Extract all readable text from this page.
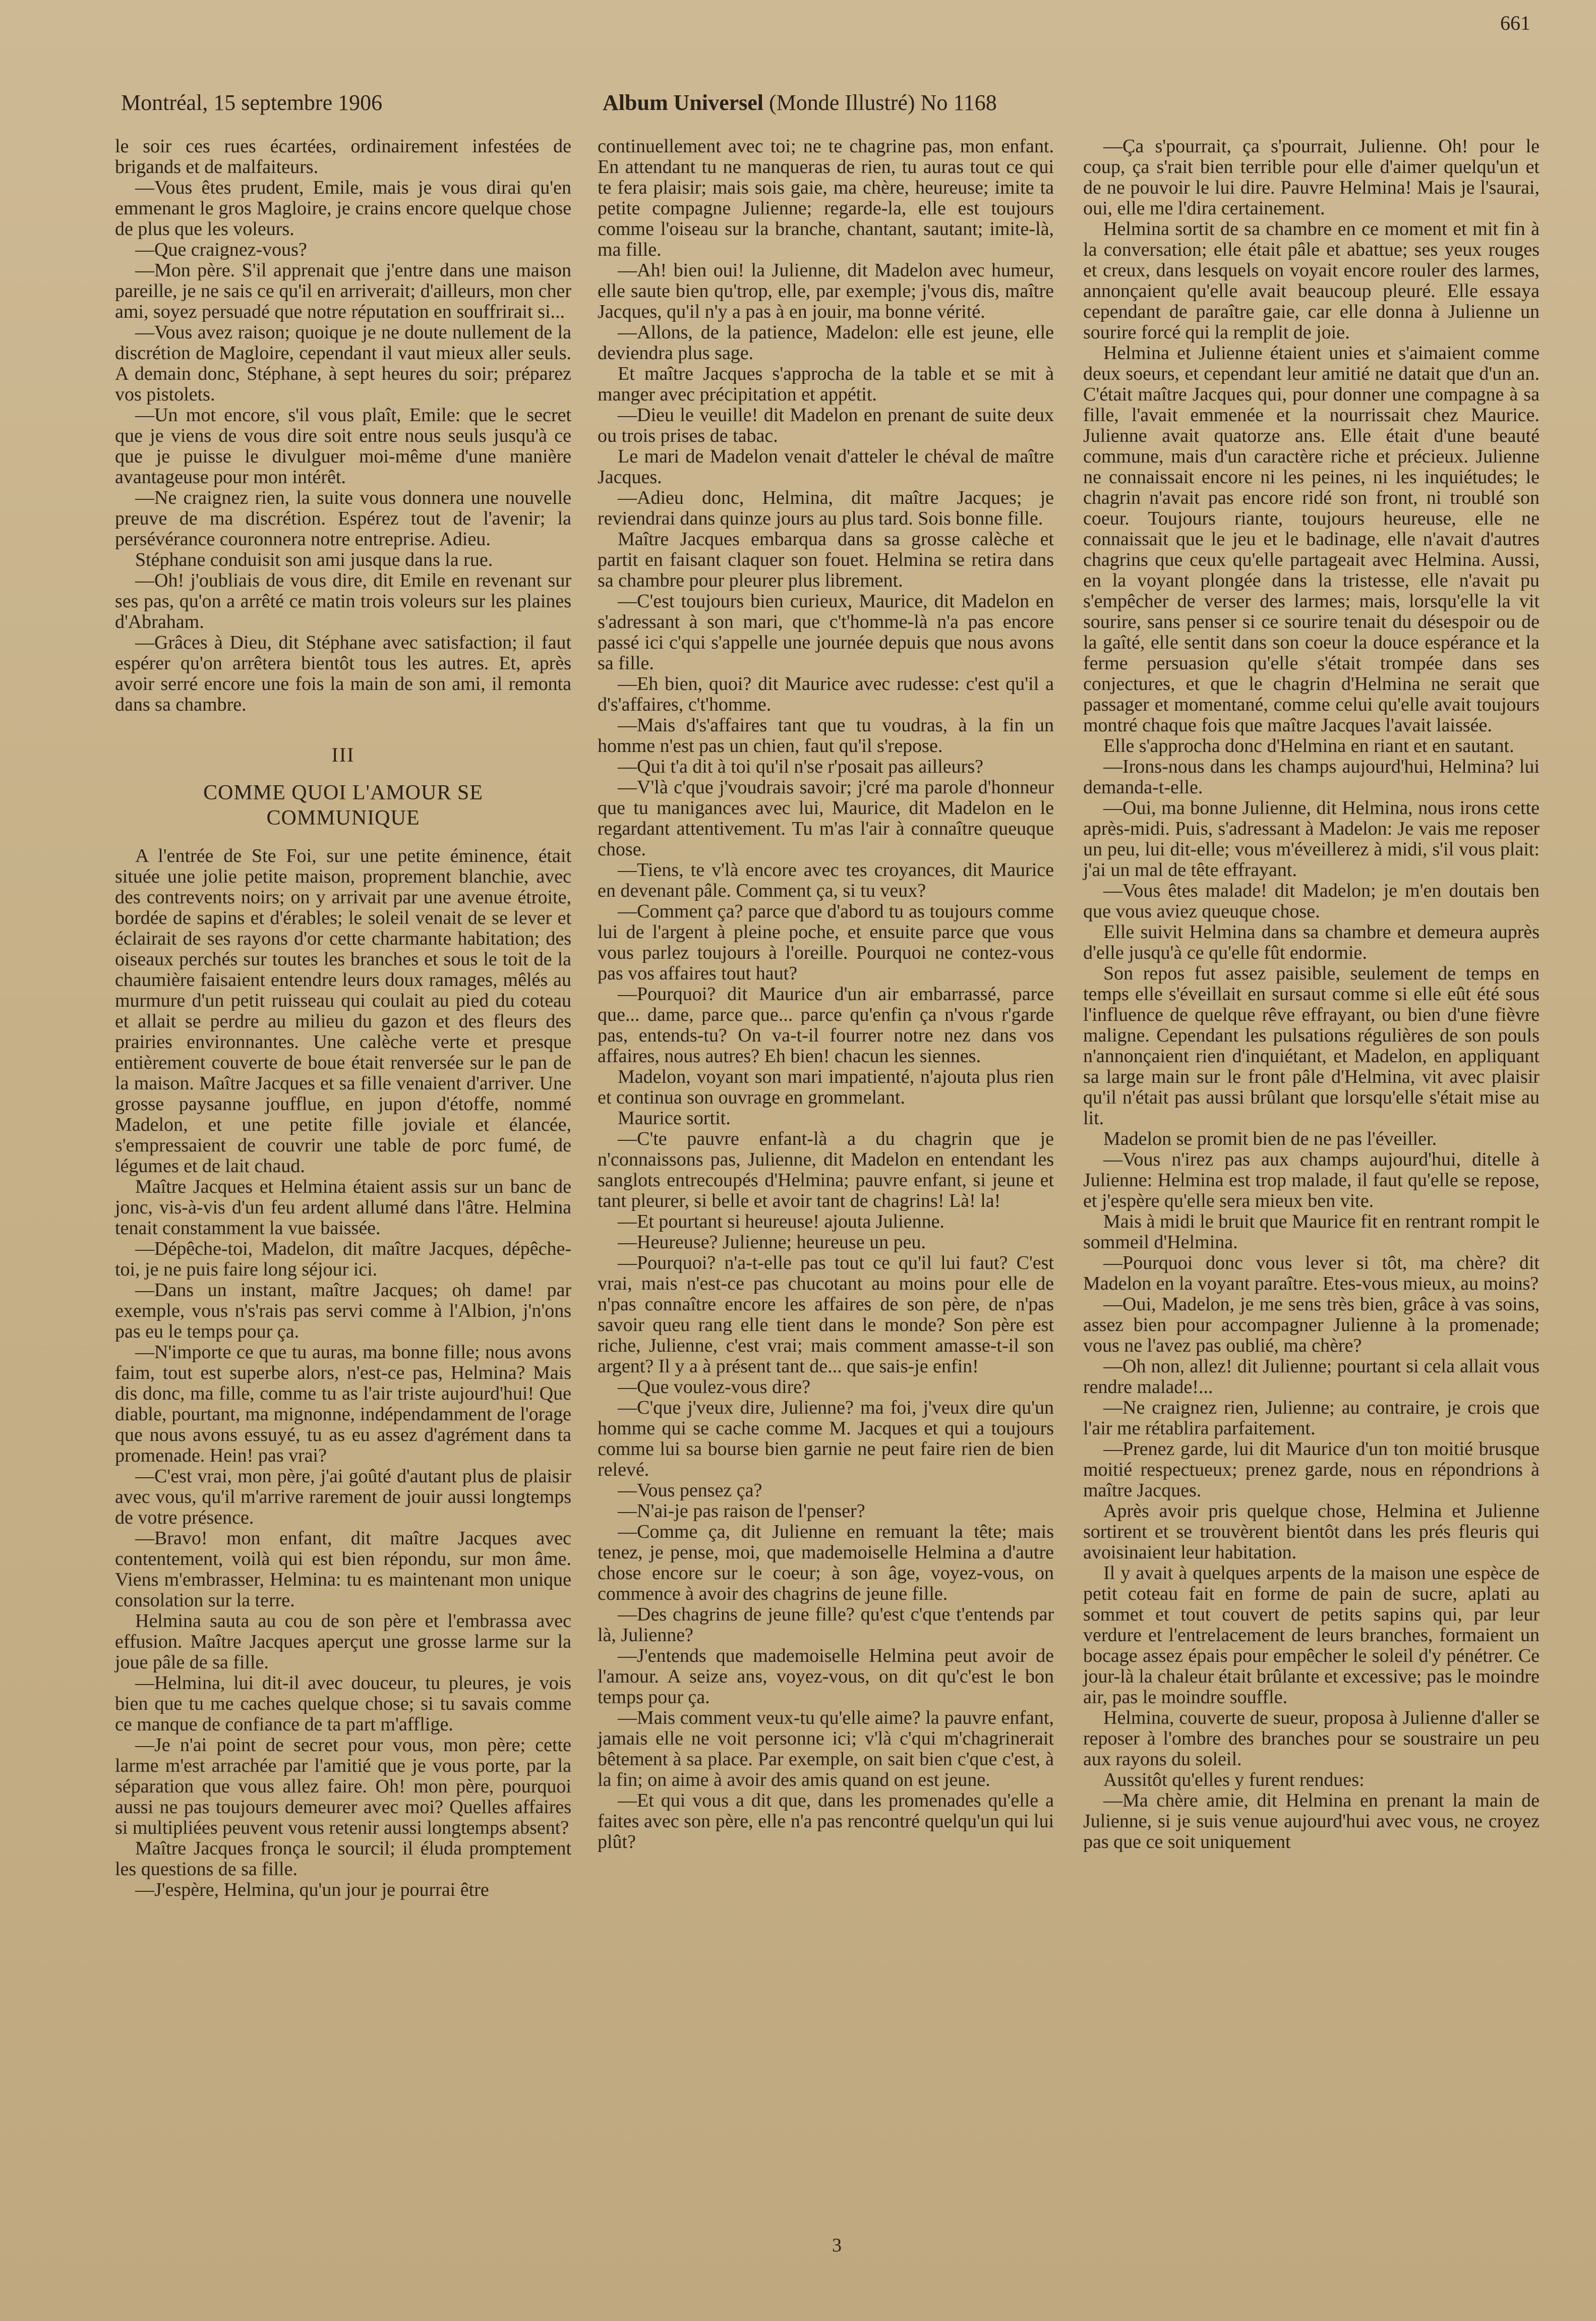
661
Montréal, 15 septembre 1906	Album Universel (Monde Illustré) No 1168

le soir ces rues écartées, ordinairement infestées de brigands et de malfaiteurs.

—Vous êtes prudent, Emile, mais je vous dirai qu'en emmenant le gros Magloire, je crains encore quelque chose de plus que les voleurs.

—Que craignez-vous?

—Mon père. S'il apprenait que j'entre dans une maison pareille, je ne sais ce qu'il en arriverait; d'ailleurs, mon cher ami, soyez persuadé que notre réputation en souffrirait si...

—Vous avez raison; quoique je ne doute nullement de la discrétion de Magloire, cependant il vaut mieux aller seuls. A demain donc, Stéphane, à sept heures du soir; préparez vos pistolets.

—Un mot encore, s'il vous plaît, Emile: que le secret que je viens de vous dire soit entre nous seuls jusqu'à ce que je puisse le divulguer moi-même d'une manière avantageuse pour mon intérêt.

—Ne craignez rien, la suite vous donnera une nouvelle preuve de ma discrétion. Espérez tout de l'avenir; la persévérance couronnera notre entreprise. Adieu.

Stéphane conduisit son ami jusque dans la rue.

—Oh! j'oubliais de vous dire, dit Emile en revenant sur ses pas, qu'on a arrêté ce matin trois voleurs sur les plaines d'Abraham.

—Grâces à Dieu, dit Stéphane avec satisfaction; il faut espérer qu'on arrêtera bientôt tous les autres. Et, après avoir serré encore une fois la main de son ami, il remonta dans sa chambre.

III
COMME QUOI L'AMOUR SE
COMMUNIQUE

A l'entrée de Ste Foi, sur une petite éminence, était située une jolie petite maison, proprement blanchie, avec des contrevents noirs; on y arrivait par une avenue étroite, bordée de sapins et d'érables; le soleil venait de se lever et éclairait de ses rayons d'or cette charmante habitation; des oiseaux perchés sur toutes les branches et sous le toit de la chaumière faisaient entendre leurs doux ramages, mêlés au murmure d'un petit ruisseau qui coulait au pied du coteau et allait se perdre au milieu du gazon et des fleurs des prairies environnantes. Une calèche verte et presque entièrement couverte de boue était renversée sur le pan de la maison. Maître Jacques et sa fille venaient d'arriver. Une grosse paysanne joufflue, en jupon d'étoffe, nommé Madelon, et une petite fille joviale et élancée, s'empressaient de couvrir une table de porc fumé, de légumes et de lait chaud.

Maître Jacques et Helmina étaient assis sur un banc de jonc, vis-à-vis d'un feu ardent allumé dans l'âtre. Helmina tenait constamment la vue baissée.

—Dépêche-toi, Madelon, dit maître Jacques, dépêche-toi, je ne puis faire long séjour ici.

—Dans un instant, maître Jacques; oh dame! par exemple, vous n's'rais pas servi comme à l'Albion, j'n'ons pas eu le temps pour ça.

—N'importe ce que tu auras, ma bonne fille; nous avons faim, tout est superbe alors, n'est-ce pas, Helmina? Mais dis donc, ma fille, comme tu as l'air triste aujourd'hui! Que diable, pourtant, ma mignonne, indépendamment de l'orage que nous avons essuyé, tu as eu assez d'agrément dans ta promenade. Hein! pas vrai?

—C'est vrai, mon père, j'ai goûté d'autant plus de plaisir avec vous, qu'il m'arrive rarement de jouir aussi longtemps de votre présence.

—Bravo! mon enfant, dit maître Jacques avec contentement, voilà qui est bien répondu, sur mon âme. Viens m'embrasser, Helmina: tu es maintenant mon unique consolation sur la terre.

Helmina sauta au cou de son père et l'embrassa avec effusion. Maître Jacques aperçut une grosse larme sur la joue pâle de sa fille.

—Helmina, lui dit-il avec douceur, tu pleures, je vois bien que tu me caches quelque chose; si tu savais comme ce manque de confiance de ta part m'afflige.

—Je n'ai point de secret pour vous, mon père; cette larme m'est arrachée par l'amitié que je vous porte, par la séparation que vous allez faire. Oh! mon père, pourquoi aussi ne pas toujours demeurer avec moi? Quelles affaires si multipliées peuvent vous retenir aussi longtemps absent?

Maître Jacques fronça le sourcil; il éluda promptement les questions de sa fille.

—J'espère, Helmina, qu'un jour je pourrai être

continuellement avec toi; ne te chagrine pas, mon enfant. En attendant tu ne manqueras de rien, tu auras tout ce qui te fera plaisir; mais sois gaie, ma chère, heureuse; imite ta petite compagne Julienne; regarde-la, elle est toujours comme l'oiseau sur la branche, chantant, sautant; imite-là, ma fille.

—Ah! bien oui! la Julienne, dit Madelon avec humeur, elle saute bien qu'trop, elle, par exemple; j'vous dis, maître Jacques, qu'il n'y a pas à en jouir, ma bonne vérité.

—Allons, de la patience, Madelon: elle est jeune, elle deviendra plus sage.

Et maître Jacques s'approcha de la table et se mit à manger avec précipitation et appétit.

—Dieu le veuille! dit Madelon en prenant de suite deux ou trois prises de tabac.

Le mari de Madelon venait d'atteler le chéval de maître Jacques.

—Adieu donc, Helmina, dit maître Jacques; je reviendrai dans quinze jours au plus tard. Sois bonne fille.

Maître Jacques embarqua dans sa grosse calèche et partit en faisant claquer son fouet. Helmina se retira dans sa chambre pour pleurer plus librement.

—C'est toujours bien curieux, Maurice, dit Madelon en s'adressant à son mari, que c't'homme-là n'a pas encore passé ici c'qui s'appelle une journée depuis que nous avons sa fille.

—Eh bien, quoi? dit Maurice avec rudesse: c'est qu'il a d's'affaires, c't'homme.

—Mais d's'affaires tant que tu voudras, à la fin un homme n'est pas un chien, faut qu'il s'repose.

—Qui t'a dit à toi qu'il n'se r'posait pas ailleurs?

—V'là c'que j'voudrais savoir; j'cré ma parole d'honneur que tu manigances avec lui, Maurice, dit Madelon en le regardant attentivement. Tu m'as l'air à connaître queuque chose.

—Tiens, te v'là encore avec tes croyances, dit Maurice en devenant pâle. Comment ça, si tu veux?

—Comment ça? parce que d'abord tu as toujours comme lui de l'argent à pleine poche, et ensuite parce que vous vous parlez toujours à l'oreille. Pourquoi ne contez-vous pas vos affaires tout haut?

—Pourquoi? dit Maurice d'un air embarrassé, parce que... dame, parce que... parce qu'enfin ça n'vous r'garde pas, entends-tu? On va-t-il fourrer notre nez dans vos affaires, nous autres? Eh bien! chacun les siennes.

Madelon, voyant son mari impatienté, n'ajouta plus rien et continua son ouvrage en grommelant.

Maurice sortit.

—C'te pauvre enfant-là a du chagrin que je n'connaissons pas, Julienne, dit Madelon en entendant les sanglots entrecoupés d'Helmina; pauvre enfant, si jeune et tant pleurer, si belle et avoir tant de chagrins! Là! la!

—Et pourtant si heureuse! ajouta Julienne.

—Heureuse? Julienne; heureuse un peu.

—Pourquoi? n'a-t-elle pas tout ce qu'il lui faut? C'est vrai, mais n'est-ce pas chucotant au moins pour elle de n'pas connaître encore les affaires de son père, de n'pas savoir queu rang elle tient dans le monde? Son père est riche, Julienne, c'est vrai; mais comment amasse-t-il son argent? Il y a à présent tant de... que sais-je enfin!

—Que voulez-vous dire?

—C'que j'veux dire, Julienne? ma foi, j'veux dire qu'un homme qui se cache comme M. Jacques et qui a toujours comme lui sa bourse bien garnie ne peut faire rien de bien relevé.

—Vous pensez ça?

—N'ai-je pas raison de l'penser?

—Comme ça, dit Julienne en remuant la tête; mais tenez, je pense, moi, que mademoiselle Helmina a d'autre chose encore sur le coeur; à son âge, voyez-vous, on commence à avoir des chagrins de jeune fille.

—Des chagrins de jeune fille? qu'est c'que t'entends par là, Julienne?

—J'entends que mademoiselle Helmina peut avoir de l'amour. A seize ans, voyez-vous, on dit qu'c'est le bon temps pour ça.

—Mais comment veux-tu qu'elle aime? la pauvre enfant, jamais elle ne voit personne ici; v'là c'qui m'chagrinerait bêtement à sa place. Par exemple, on sait bien c'que c'est, à la fin; on aime à avoir des amis quand on est jeune.

—Et qui vous a dit que, dans les promenades qu'elle a faites avec son père, elle n'a pas rencontré quelqu'un qui lui plût?

—Ça s'pourrait, ça s'pourrait, Julienne. Oh! pour le coup, ça s'rait bien terrible pour elle d'aimer quelqu'un et de ne pouvoir le lui dire. Pauvre Helmina! Mais je l'saurai, oui, elle me l'dira certainement.

Helmina sortit de sa chambre en ce moment et mit fin à la conversation; elle était pâle et abattue; ses yeux rouges et creux, dans lesquels on voyait encore rouler des larmes, annonçaient qu'elle avait beaucoup pleuré. Elle essaya cependant de paraître gaie, car elle donna à Julienne un sourire forcé qui la remplit de joie.

Helmina et Julienne étaient unies et s'aimaient comme deux soeurs, et cependant leur amitié ne datait que d'un an. C'était maître Jacques qui, pour donner une compagne à sa fille, l'avait emmenée et la nourrissait chez Maurice. Julienne avait quatorze ans. Elle était d'une beauté commune, mais d'un caractère riche et précieux. Julienne ne connaissait encore ni les peines, ni les inquiétudes; le chagrin n'avait pas encore ridé son front, ni troublé son coeur. Toujours riante, toujours heureuse, elle ne connaissait que le jeu et le badinage, elle n'avait d'autres chagrins que ceux qu'elle partageait avec Helmina. Aussi, en la voyant plongée dans la tristesse, elle n'avait pu s'empêcher de verser des larmes; mais, lorsqu'elle la vit sourire, sans penser si ce sourire tenait du désespoir ou de la gaîté, elle sentit dans son coeur la douce espérance et la ferme persuasion qu'elle s'était trompée dans ses conjectures, et que le chagrin d'Helmina ne serait que passager et momentané, comme celui qu'elle avait toujours montré chaque fois que maître Jacques l'avait laissée.

Elle s'approcha donc d'Helmina en riant et en sautant.

—Irons-nous dans les champs aujourd'hui, Helmina? lui demanda-t-elle.

—Oui, ma bonne Julienne, dit Helmina, nous irons cette après-midi. Puis, s'adressant à Madelon: Je vais me reposer un peu, lui dit-elle; vous m'éveillerez à midi, s'il vous plait: j'ai un mal de tête effrayant.

—Vous êtes malade! dit Madelon; je m'en doutais ben que vous aviez queuque chose.

Elle suivit Helmina dans sa chambre et demeura auprès d'elle jusqu'à ce qu'elle fût endormie.

Son repos fut assez paisible, seulement de temps en temps elle s'éveillait en sursaut comme si elle eût été sous l'influence de quelque rêve effrayant, ou bien d'une fièvre maligne. Cependant les pulsations régulières de son pouls n'annonçaient rien d'inquiétant, et Madelon, en appliquant sa large main sur le front pâle d'Helmina, vit avec plaisir qu'il n'était pas aussi brûlant que lorsqu'elle s'était mise au lit.

Madelon se promit bien de ne pas l'éveiller.

—Vous n'irez pas aux champs aujourd'hui, ditelle à Julienne: Helmina est trop malade, il faut qu'elle se repose, et j'espère qu'elle sera mieux ben vite.

Mais à midi le bruit que Maurice fit en rentrant rompit le sommeil d'Helmina.

—Pourquoi donc vous lever si tôt, ma chère? dit Madelon en la voyant paraître. Etes-vous mieux, au moins?

—Oui, Madelon, je me sens très bien, grâce à vas soins, assez bien pour accompagner Julienne à la promenade; vous ne l'avez pas oublié, ma chère?

—Oh non, allez! dit Julienne; pourtant si cela allait vous rendre malade!...

—Ne craignez rien, Julienne; au contraire, je crois que l'air me rétablira parfaitement.

—Prenez garde, lui dit Maurice d'un ton moitié brusque moitié respectueux; prenez garde, nous en répondrions à maître Jacques.

Après avoir pris quelque chose, Helmina et Julienne sortirent et se trouvèrent bientôt dans les prés fleuris qui avoisinaient leur habitation.

Il y avait à quelques arpents de la maison une espèce de petit coteau fait en forme de pain de sucre, aplati au sommet et tout couvert de petits sapins qui, par leur verdure et l'entrelacement de leurs branches, formaient un bocage assez épais pour empêcher le soleil d'y pénétrer. Ce jour-là la chaleur était brûlante et excessive; pas le moindre air, pas le moindre souffle.

Helmina, couverte de sueur, proposa à Julienne d'aller se reposer à l'ombre des branches pour se soustraire un peu aux rayons du soleil.

Aussitôt qu'elles y furent rendues:

—Ma chère amie, dit Helmina en prenant la main de Julienne, si je suis venue aujourd'hui avec vous, ne croyez pas que ce soit uniquement

3
